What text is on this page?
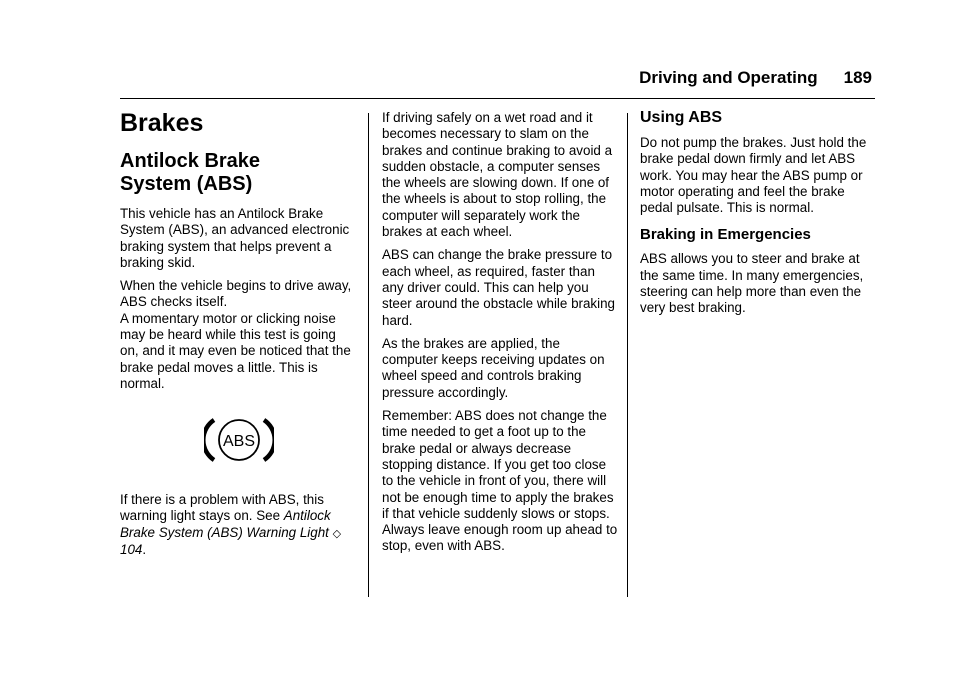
Driving and Operating 189
Brakes
Antilock Brake
System (ABS)

This vehicle has an Antilock Brake System (ABS), an advanced electronic braking system that helps prevent a braking skid.

When the vehicle begins to drive away, ABS checks itself.
A momentary motor or clicking noise may be heard while this test is going on, and it may even be noticed that the brake pedal moves a little. This is normal.

If there is a problem with ABS, this warning light stays on. See Antilock Brake System (ABS) Warning Light ◇ 104.

ABS

If driving safely on a wet road and it becomes necessary to slam on the brakes and continue braking to avoid a sudden obstacle, a computer senses the wheels are slowing down. If one of the wheels is about to stop rolling, the computer will separately work the brakes at each wheel.

ABS can change the brake pressure to each wheel, as required, faster than any driver could. This can help you steer around the obstacle while braking hard.

As the brakes are applied, the computer keeps receiving updates on wheel speed and controls braking pressure accordingly.

Remember: ABS does not change the time needed to get a foot up to the brake pedal or always decrease stopping distance. If you get too close to the vehicle in front of you, there will not be enough time to apply the brakes if that vehicle suddenly slows or stops. Always leave enough room up ahead to stop, even with ABS.

Using ABS

Do not pump the brakes. Just hold the brake pedal down firmly and let ABS work. You may hear the ABS pump or motor operating and feel the brake pedal pulsate. This is normal.

Braking in Emergencies

ABS allows you to steer and brake at the same time. In many emergencies, steering can help more than even the very best braking.
